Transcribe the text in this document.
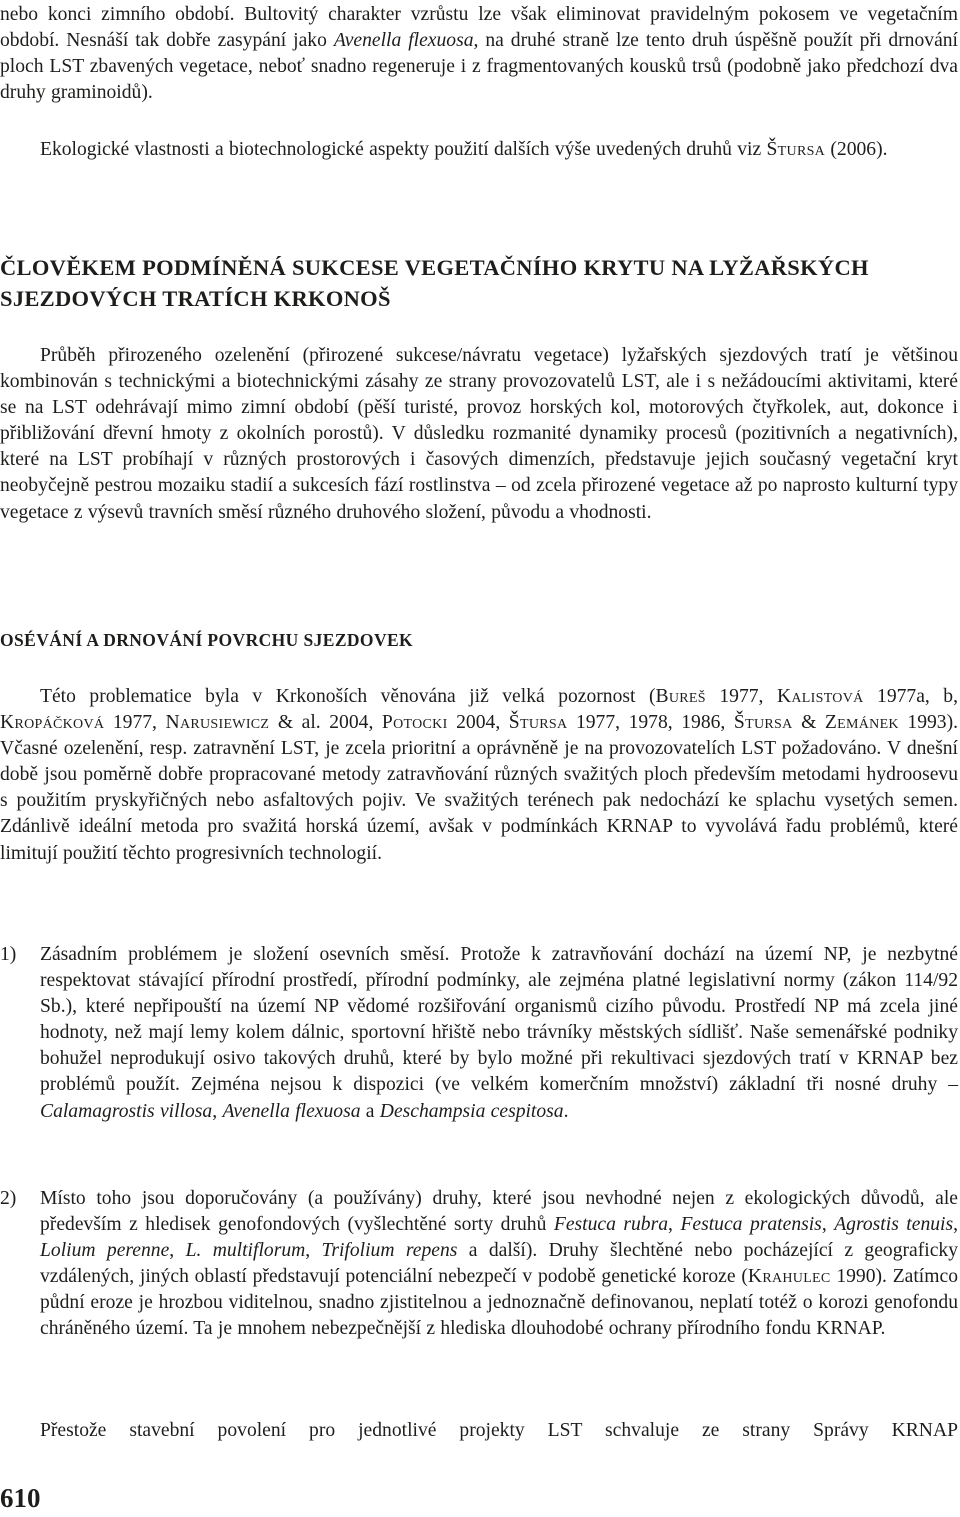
nebo konci zimního období. Bultovitý charakter vzrůstu lze však eliminovat pravidelným pokosem ve vegetačním období. Nesnáší tak dobře zasypání jako Avenella flexuosa, na druhé straně lze tento druh úspěšně použít při drnování ploch LST zbavených vegetace, neboť snadno regeneruje i z fragmentovaných kousků trsů (podobně jako předchozí dva druhy graminoidů).

Ekologické vlastnosti a biotechnologické aspekty použití dalších výše uvedených druhů viz Štursa (2006).

ČLOVĚKEM PODMÍNĚNÁ SUKCESE VEGETAČNÍHO KRYTU NA LYŽAŘSKÝCH SJEZDOVÝCH TRATÍCH KRKONOŠ

Průběh přirozeného ozelenění (přirozené sukcese/návratu vegetace) lyžařských sjezdových tratí je většinou kombinován s technickými a biotechnickými zásahy ze strany provozovatelů LST, ale i s nežádoucími aktivitami, které se na LST odehrávají mimo zimní období (pěší turisté, provoz horských kol, motorových čtyřkolek, aut, dokonce i přibližování dřevní hmoty z okolních porostů). V důsledku rozmanité dynamiky procesů (pozitivních a negativních), které na LST probíhají v různých prostorových i časových dimenzích, představuje jejich současný vegetační kryt neobyčejně pestrou mozaiku stadií a sukcesích fází rostlinstva – od zcela přirozené vegetace až po naprosto kulturní typy vegetace z výsevů travních směsí různého druhového složení, původu a vhodnosti.

OSÉVÁNÍ A DRNOVÁNÍ POVRCHU SJEZDOVEK

Této problematice byla v Krkonoších věnována již velká pozornost (Bureš 1977, Kalistová 1977a, b, Kropáčková 1977, Narusiewicz & al. 2004, Potocki 2004, Štursa 1977, 1978, 1986, Štursa & Zemánek 1993). Včasné ozelenění, resp. zatravnění LST, je zcela prioritní a oprávněně je na provozovatelích LST požadováno. V dnešní době jsou poměrně dobře propracované metody zatravňování různých svažitých ploch především metodami hydroosevu s použitím pryskyřičných nebo asfaltových pojiv. Ve svažitých terénech pak nedochází ke splachu vysetých semen. Zdánlivě ideální metoda pro svažitá horská území, avšak v podmínkách KRNAP to vyvolává řadu problémů, které limitují použití těchto progresivních technologií.

1) Zásadním problémem je složení osevních směsí. Protože k zatravňování dochází na území NP, je nezbytné respektovat stávající přírodní prostředí, přírodní podmínky, ale zejména platné legislativní normy (zákon 114/92 Sb.), které nepřipouští na území NP vědomé rozšiřování organismů cizího původu. Prostředí NP má zcela jiné hodnoty, než mají lemy kolem dálnic, sportovní hřiště nebo trávníky městských sídlišť. Naše semenářské podniky bohužel neprodukují osivo takových druhů, které by bylo možné při rekultivaci sjezdových tratí v KRNAP bez problémů použít. Zejména nejsou k dispozici (ve velkém komerčním množství) základní tři nosné druhy – Calamagrostis villosa, Avenella flexuosa a Deschampsia cespitosa.

2) Místo toho jsou doporučovány (a používány) druhy, které jsou nevhodné nejen z ekologických důvodů, ale především z hledisek genofondových (vyšlechtěné sorty druhů Festuca rubra, Festuca pratensis, Agrostis tenuis, Lolium perenne, L. multiflorum, Trifolium repens a další). Druhy šlechtěné nebo pocházející z geograficky vzdálených, jiných oblastí představují potenciální nebezpečí v podobě genetické koroze (Krahulec 1990). Zatímco půdní eroze je hrozbou viditelnou, snadno zjistitelnou a jednoznačně definovanou, neplatí totéž o korozi genofondu chráněného území. Ta je mnohem nebezpečnější z hlediska dlouhodobé ochrany přírodního fondu KRNAP.

Přestože stavební povolení pro jednotlivé projekty LST schvaluje ze strany Správy KRNAP

610
